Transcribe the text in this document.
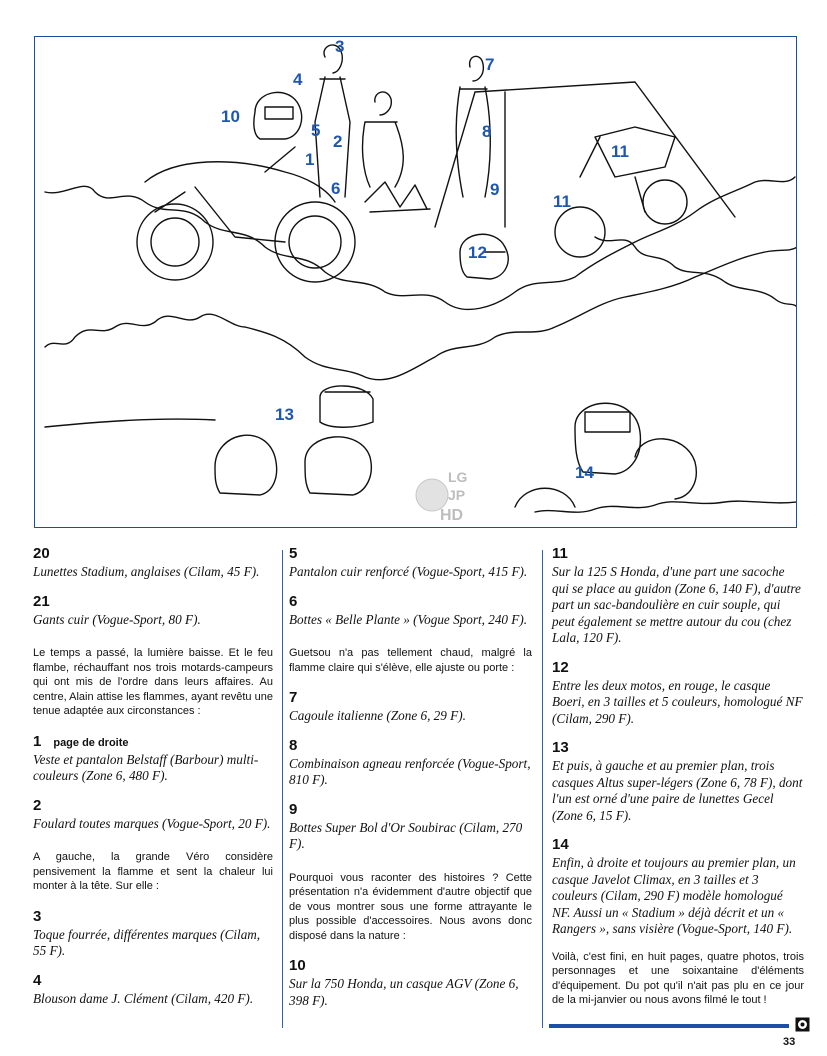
1
2
3
4
5
6
7
8
9
10
11
11
12
13
14
LG
JP
HD
20

Lunettes Stadium, anglaises (Cilam, 45 F).

21

Gants cuir (Vogue-Sport, 80 F).

Le temps a passé, la lumière baisse. Et le feu flambe, réchauffant nos trois motards-campeurs qui ont mis de l'ordre dans leurs affaires. Au centre, Alain attise les flammes, ayant revêtu une tenue adaptée aux circonstances :

1 page de droite

Veste et pantalon Belstaff (Barbour) multi-couleurs (Zone 6, 480 F).

2

Foulard toutes marques (Vogue-Sport, 20 F).

A gauche, la grande Véro considère pensivement la flamme et sent la chaleur lui monter à la tête. Sur elle :

3

Toque fourrée, différentes marques (Cilam, 55 F).

4

Blouson dame J. Clément (Cilam, 420 F).

5

Pantalon cuir renforcé (Vogue-Sport, 415 F).

6

Bottes « Belle Plante » (Vogue Sport, 240 F).

Guetsou n'a pas tellement chaud, malgré la flamme claire qui s'élève, elle ajuste ou porte :

7

Cagoule italienne (Zone 6, 29 F).

8

Combinaison agneau renforcée (Vogue-Sport, 810 F).

9

Bottes Super Bol d'Or Soubirac (Cilam, 270 F).

Pourquoi vous raconter des histoires ? Cette présentation n'a évidemment d'autre objectif que de vous montrer sous une forme attrayante le plus possible d'accessoires. Nous avons donc disposé dans la nature :

10

Sur la 750 Honda, un casque AGV (Zone 6, 398 F).

11

Sur la 125 S Honda, d'une part une sacoche qui se place au guidon (Zone 6, 140 F), d'autre part un sac-bandoulière en cuir souple, qui peut également se mettre autour du cou (chez Lala, 120 F).

12

Entre les deux motos, en rouge, le casque Boeri, en 3 tailles et 5 couleurs, homologué NF (Cilam, 290 F).

13

Et puis, à gauche et au premier plan, trois casques Altus super-légers (Zone 6, 78 F), dont l'un est orné d'une paire de lunettes Gecel (Zone 6, 15 F).

14

Enfin, à droite et toujours au premier plan, un casque Javelot Climax, en 3 tailles et 3 couleurs (Cilam, 290 F) modèle homologué NF. Aussi un « Stadium » déjà décrit et un « Rangers », sans visière (Vogue-Sport, 140 F).

Voilà, c'est fini, en huit pages, quatre photos, trois personnages et une soixantaine d'éléments d'équipement. Du pot qu'il n'ait pas plu en ce jour de la mi-janvier ou nous avons filmé le tout !

33
